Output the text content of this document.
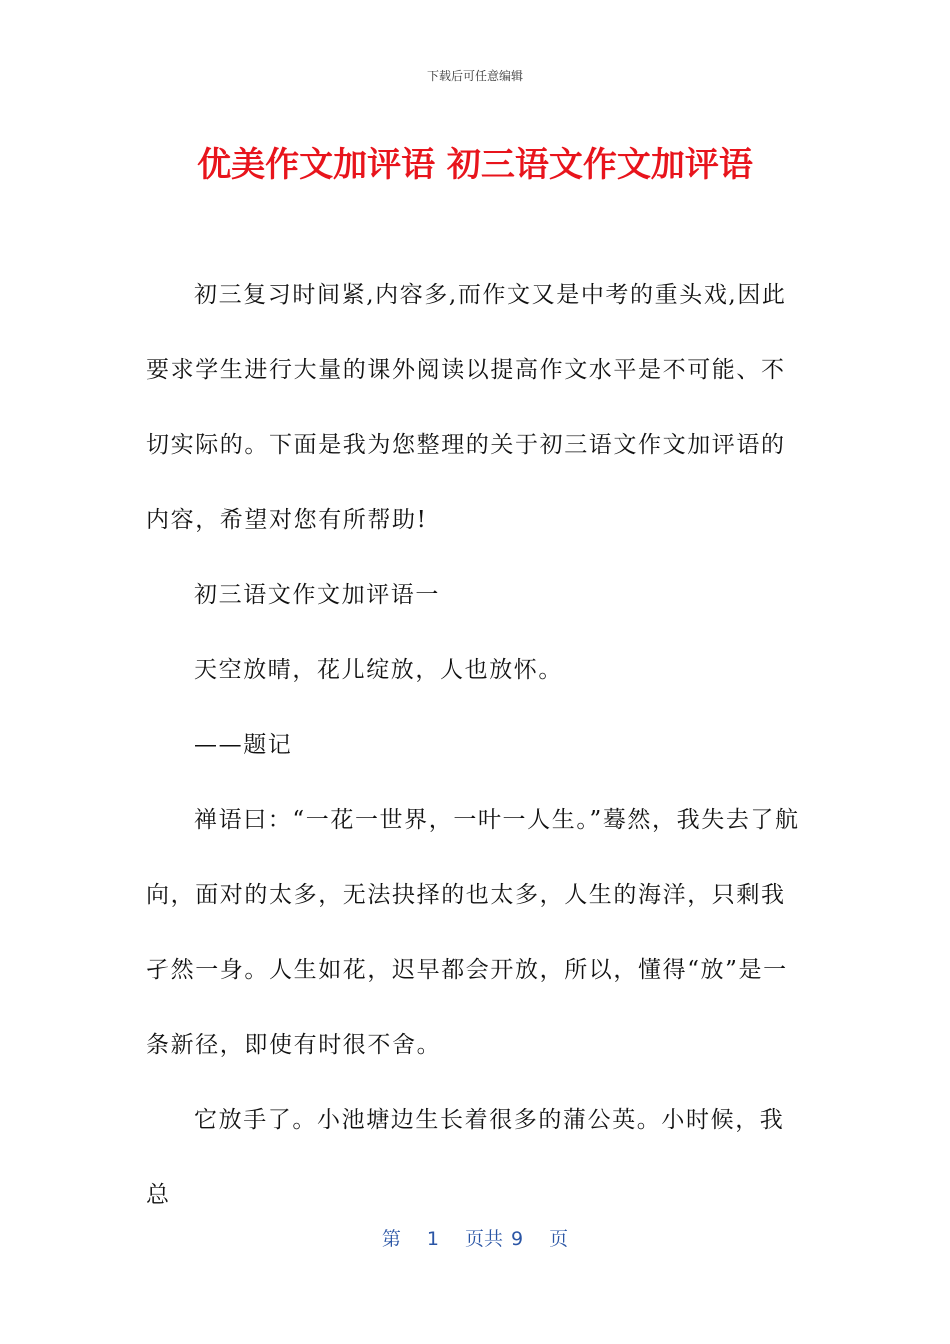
下载后可任意编辑
优美作文加评语 初三语文作文加评语

初三复习时间紧,内容多,而作文又是中考的重头戏,因此要求学生进行大量的课外阅读以提高作文水平是不可能、不切实际的。下面是我为您整理的关于初三语文作文加评语的内容，希望对您有所帮助!

初三语文作文加评语一

天空放晴，花儿绽放，人也放怀。

——题记

禅语曰：“一花一世界，一叶一人生。”蓦然，我失去了航向，面对的太多，无法抉择的也太多，人生的海洋，只剩我孑然一身。人生如花，迟早都会开放，所以，懂得“放”是一条新径，即使有时很不舍。

它放手了。小池塘边生长着很多的蒲公英。小时候，我总

第 1 页共 9 页
